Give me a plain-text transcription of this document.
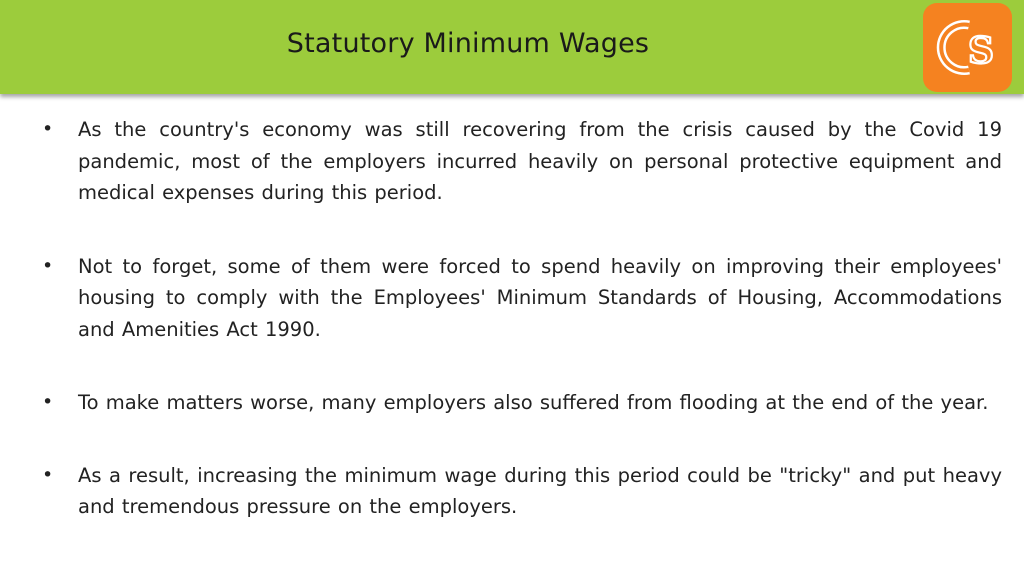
Statutory Minimum Wages	S
• As the country's economy was still recovering from the crisis caused by the Covid 19 pandemic, most of the employers incurred heavily on personal protective equipment and medical expenses during this period.
• Not to forget, some of them were forced to spend heavily on improving their employees' housing to comply with the Employees' Minimum Standards of Housing, Accommodations and Amenities Act 1990.
• To make matters worse, many employers also suffered from flooding at the end of the year.
• As a result, increasing the minimum wage during this period could be "tricky" and put heavy and tremendous pressure on the employers.
